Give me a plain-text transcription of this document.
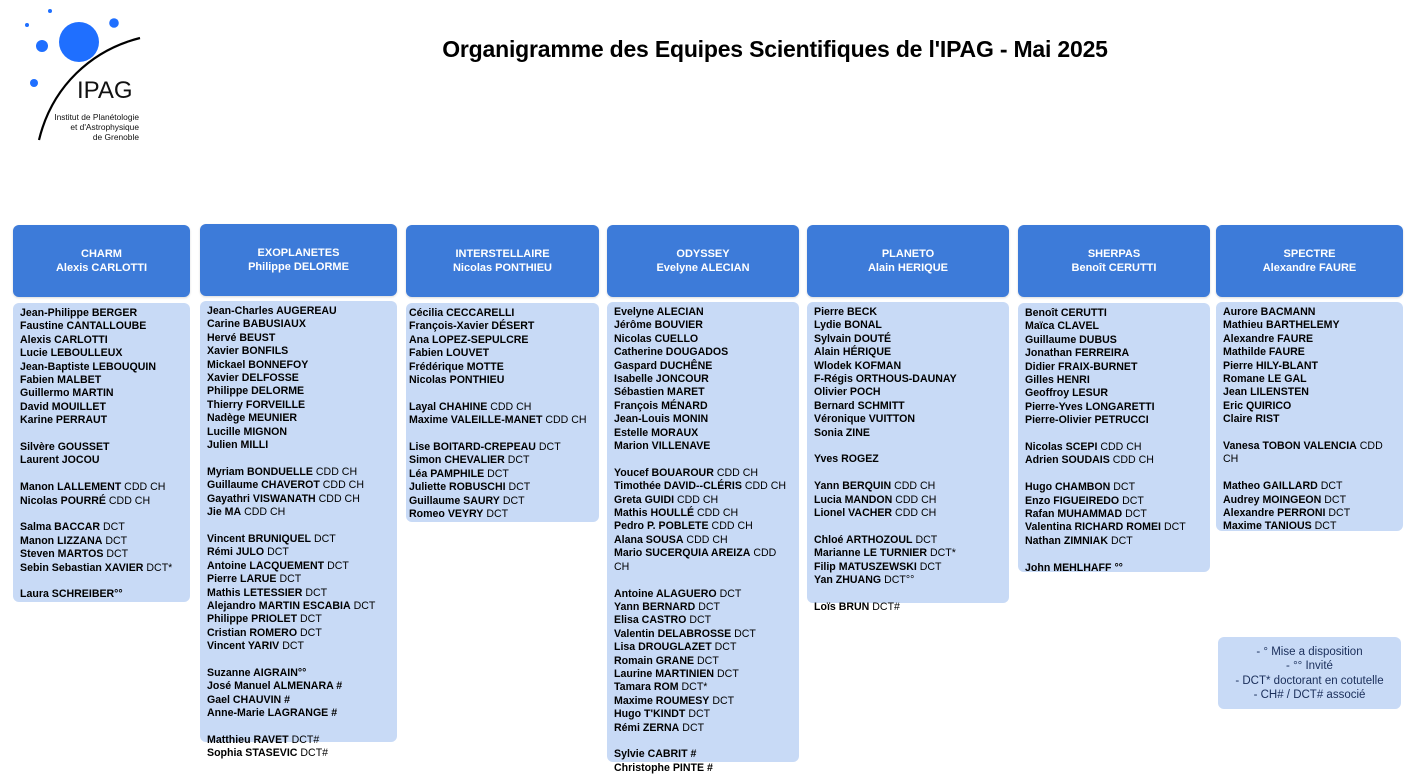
IPAG
Institut de Planétologie
et d'Astrophysique
de Grenoble
Organigramme des Equipes Scientifiques de l'IPAG - Mai 2025
CHARM
Alexis CARLOTTI
Jean-Philippe BERGER
Faustine CANTALLOUBE
Alexis CARLOTTI
Lucie LEBOULLEUX
Jean-Baptiste LEBOUQUIN
Fabien MALBET
Guillermo MARTIN
David MOUILLET
Karine PERRAUT
Silvère GOUSSET
Laurent JOCOU
Manon LALLEMENT CDD CH
Nicolas POURRÉ CDD CH
Salma BACCAR DCT
Manon LIZZANA DCT
Steven MARTOS DCT
Sebin Sebastian XAVIER DCT*
Laura SCHREIBER°°
EXOPLANETES
Philippe DELORME
Jean-Charles AUGEREAU
Carine BABUSIAUX
Hervé BEUST
Xavier BONFILS
Mickael BONNEFOY
Xavier DELFOSSE
Philippe DELORME
Thierry FORVEILLE
Nadège MEUNIER
Lucille MIGNON
Julien MILLI
Myriam BONDUELLE CDD CH
Guillaume CHAVEROT CDD CH
Gayathri VISWANATH CDD CH
Jie MA CDD CH
Vincent BRUNIQUEL DCT
Rémi JULO DCT
Antoine LACQUEMENT DCT
Pierre LARUE DCT
Mathis LETESSIER DCT
Alejandro MARTIN ESCABIA DCT
Philippe PRIOLET DCT
Cristian ROMERO DCT
Vincent YARIV DCT
Suzanne AIGRAIN°°
José Manuel ALMENARA #
Gael CHAUVIN #
Anne-Marie LAGRANGE #
Matthieu RAVET DCT#
Sophia STASEVIC DCT#
INTERSTELLAIRE
Nicolas PONTHIEU
Cécilia CECCARELLI
François-Xavier DÉSERT
Ana LOPEZ-SEPULCRE
Fabien LOUVET
Frédérique MOTTE
Nicolas PONTHIEU
Layal CHAHINE CDD CH
Maxime VALEILLE-MANET CDD CH
Lise BOITARD-CREPEAU DCT
Simon CHEVALIER DCT
Léa PAMPHILE DCT
Juliette ROBUSCHI DCT
Guillaume SAURY DCT
Romeo VEYRY DCT
ODYSSEY
Evelyne ALECIAN
Evelyne ALECIAN
Jérôme BOUVIER
Nicolas CUELLO
Catherine DOUGADOS
Gaspard DUCHÊNE
Isabelle JONCOUR
Sébastien MARET
François MÉNARD
Jean-Louis MONIN
Estelle MORAUX
Marion VILLENAVE
Youcef BOUAROUR CDD CH
Timothée DAVID--CLÉRIS CDD CH
Greta GUIDI CDD CH
Mathis HOULLÉ CDD CH
Pedro P. POBLETE CDD CH
Alana SOUSA CDD CH
Mario SUCERQUIA AREIZA CDD CH
Antoine ALAGUERO DCT
Yann BERNARD DCT
Elisa CASTRO DCT
Valentin DELABROSSE DCT
Lisa DROUGLAZET DCT
Romain GRANE DCT
Laurine MARTINIEN DCT
Tamara ROM DCT*
Maxime ROUMESY DCT
Hugo T'KINDT DCT
Rémi ZERNA DCT
Sylvie CABRIT #
Christophe PINTE #
PLANETO
Alain HERIQUE
Pierre BECK
Lydie BONAL
Sylvain DOUTÉ
Alain HÉRIQUE
Wlodek KOFMAN
F-Régis ORTHOUS-DAUNAY
Olivier POCH
Bernard SCHMITT
Véronique VUITTON
Sonia ZINE
Yves ROGEZ
Yann BERQUIN CDD CH
Lucia MANDON CDD CH
Lionel VACHER CDD CH
Chloé ARTHOZOUL DCT
Marianne LE TURNIER DCT*
Filip MATUSZEWSKI DCT
Yan ZHUANG DCT°°
Loïs BRUN DCT#
SHERPAS
Benoît CERUTTI
Benoît CERUTTI
Maïca CLAVEL
Guillaume DUBUS
Jonathan FERREIRA
Didier FRAIX-BURNET
Gilles HENRI
Geoffroy LESUR
Pierre-Yves LONGARETTI
Pierre-Olivier PETRUCCI
Nicolas SCEPI CDD CH
Adrien SOUDAIS CDD CH
Hugo CHAMBON DCT
Enzo FIGUEIREDO DCT
Rafan MUHAMMAD DCT
Valentina RICHARD ROMEI DCT
Nathan ZIMNIAK DCT
John MEHLHAFF °°
SPECTRE
Alexandre FAURE
Aurore BACMANN
Mathieu BARTHELEMY
Alexandre FAURE
Mathilde FAURE
Pierre HILY-BLANT
Romane LE GAL
Jean LILENSTEN
Eric QUIRICO
Claire RIST
Vanesa TOBON VALENCIA CDD CH
Matheo GAILLARD DCT
Audrey MOINGEON DCT
Alexandre PERRONI DCT
Maxime TANIOUS DCT
- ° Mise a disposition
- °° Invité
- DCT* doctorant en cotutelle
- CH# / DCT# associé
